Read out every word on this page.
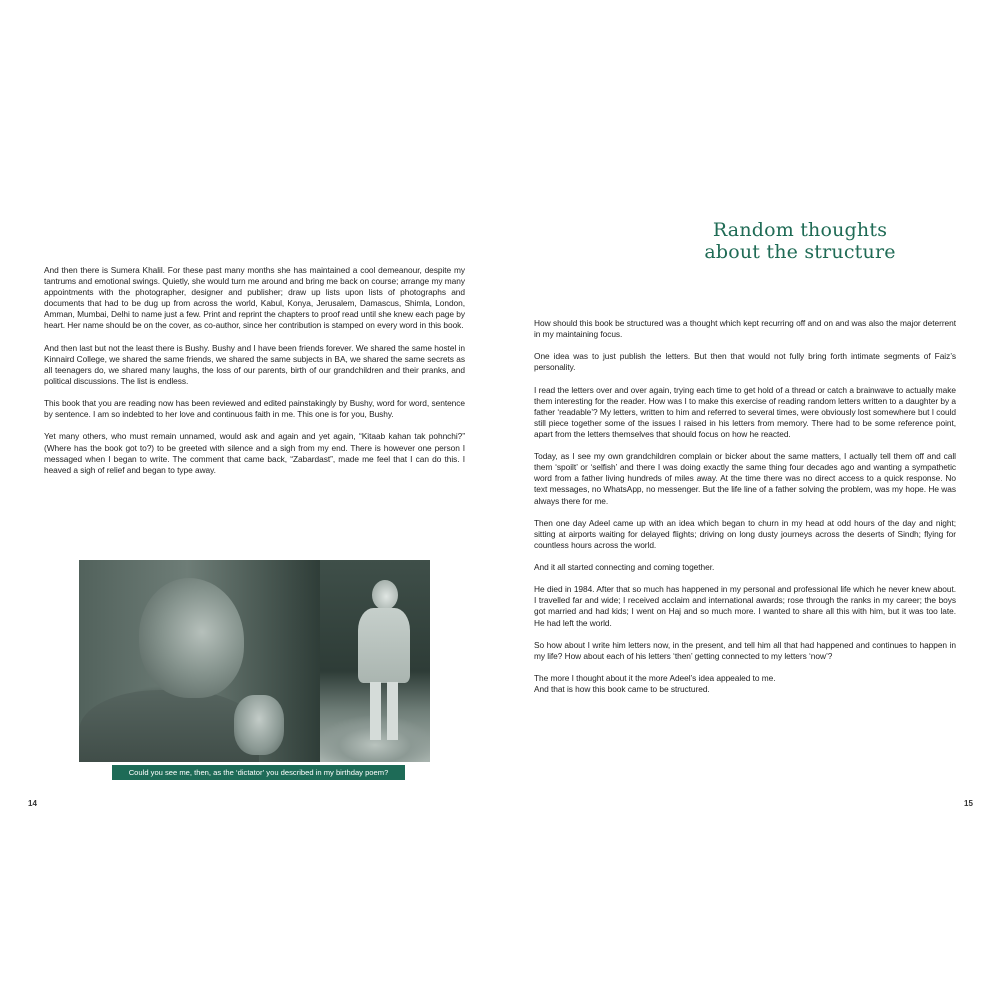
And then there is Sumera Khalil. For these past many months she has maintained a cool demeanour, despite my tantrums and emotional swings. Quietly, she would turn me around and bring me back on course; arrange my many appointments with the photographer, designer and publisher; draw up lists upon lists of photographs and documents that had to be dug up from across the world, Kabul, Konya, Jerusalem, Damascus, Shimla, London, Amman, Mumbai, Delhi to name just a few. Print and reprint the chapters to proof read until she knew each page by heart. Her name should be on the cover, as co-author, since her contribution is stamped on every word in this book.

And then last but not the least there is Bushy. Bushy and I have been friends forever. We shared the same hostel in Kinnaird College, we shared the same friends, we shared the same subjects in BA, we shared the same secrets as all teenagers do, we shared many laughs, the loss of our parents, birth of our grandchildren and their pranks, and political discussions. The list is endless.

This book that you are reading now has been reviewed and edited painstakingly by Bushy, word for word, sentence by sentence. I am so indebted to her love and continuous faith in me. This one is for you, Bushy.

Yet many others, who must remain unnamed, would ask and again and yet again, “Kitaab kahan tak pohnchi?” (Where has the book got to?) to be greeted with silence and a sigh from my end. There is however one person I messaged when I began to write. The comment that came back, “Zabardast”, made me feel that I can do this. I heaved a sigh of relief and began to type away.

Could you see me, then, as the ‘dictator’ you described in my birthday poem?
14
Random thoughts
about the structure

How should this book be structured was a thought which kept recurring off and on and was also the major deterrent in my maintaining focus.

One idea was to just publish the letters. But then that would not fully bring forth intimate segments of Faiz’s personality.

I read the letters over and over again, trying each time to get hold of a thread or catch a brainwave to actually make them interesting for the reader. How was I to make this exercise of reading random letters written to a daughter by a father ‘readable’? My letters, written to him and referred to several times, were obviously lost somewhere but I could still piece together some of the issues I raised in his letters from memory. There had to be some reference point, apart from the letters themselves that should focus on how he reacted.

Today, as I see my own grandchildren complain or bicker about the same matters, I actually tell them off and call them ‘spoilt’ or ‘selfish’ and there I was doing exactly the same thing four decades ago and wanting a sympathetic word from a father living hundreds of miles away. At the time there was no direct access to a quick response. No text messages, no WhatsApp, no messenger. But the life line of a father solving the problem, was my hope. He was always there for me.

Then one day Adeel came up with an idea which began to churn in my head at odd hours of the day and night; sitting at airports waiting for delayed flights; driving on long dusty journeys across the deserts of Sindh; flying for countless hours across the world.

And it all started connecting and coming together.

He died in 1984. After that so much has happened in my personal and professional life which he never knew about. I travelled far and wide; I received acclaim and international awards; rose through the ranks in my career; the boys got married and had kids; I went on Haj and so much more. I wanted to share all this with him, but it was too late. He had left the world.

So how about I write him letters now, in the present, and tell him all that had happened and continues to happen in my life? How about each of his letters ‘then’ getting connected to my letters ‘now’?

The more I thought about it the more Adeel’s idea appealed to me.

And that is how this book came to be structured.

15
